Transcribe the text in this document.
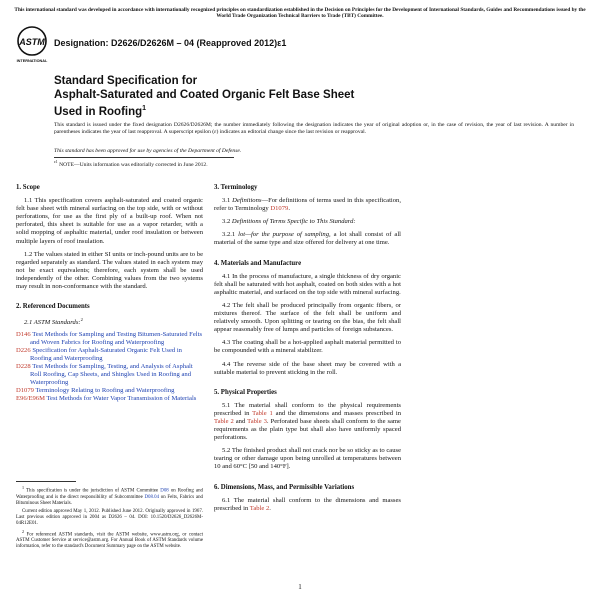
This international standard was developed in accordance with internationally recognized principles on standardization established in the Decision on Principles for the Development of International Standards, Guides and Recommendations issued by the World Trade Organization Technical Barriers to Trade (TBT) Committee.
ASTM
INTERNATIONAL
Designation: D2626/D2626M – 04 (Reapproved 2012)ε1
Standard Specification for
Asphalt-Saturated and Coated Organic Felt Base Sheet
Used in Roofing$^1$
This standard is issued under the fixed designation D2626/D2626M; the number immediately following the designation indicates the year of original adoption or, in the case of revision, the year of last revision. A number in parentheses indicates the year of last reapproval. A superscript epsilon (ε) indicates an editorial change since the last revision or reapproval.
This standard has been approved for use by agencies of the Department of Defense.
$^{\varepsilon 1}$ NOTE—Units information was editorially corrected in June 2012.
1. Scope
1.1 This specification covers asphalt-saturated and coated organic felt base sheet with mineral surfacing on the top side, with or without perforations, for use as the first ply of a built-up roof. When not perforated, this sheet is suitable for use as a vapor retarder, with a solid mopping of asphaltic material, under roof insulation or between multiple layers of roof insulation.
1.2 The values stated in either SI units or inch-pound units are to be regarded separately as standard. The values stated in each system may not be exact equivalents; therefore, each system shall be used independently of the other. Combining values from the two systems may result in non-conformance with the standard.
2. Referenced Documents
2.1 ASTM Standards:$^2$
D146 Test Methods for Sampling and Testing Bitumen-Saturated Felts and Woven Fabrics for Roofing and Waterproofing
D226 Specification for Asphalt-Saturated Organic Felt Used in Roofing and Waterproofing
D228 Test Methods for Sampling, Testing, and Analysis of Asphalt Roll Roofing, Cap Sheets, and Shingles Used in Roofing and Waterproofing
D1079 Terminology Relating to Roofing and Waterproofing
E96/E96M Test Methods for Water Vapor Transmission of Materials
$^1$ This specification is under the jurisdiction of ASTM Committee D08 on Roofing and Waterproofing and is the direct responsibility of Subcommittee D08.04 on Felts, Fabrics and Bituminous Sheet Materials.
Current edition approved May 1, 2012. Published June 2012. Originally approved in 1967. Last previous edition approved in 2004 as D2626 – 04. DOI: 10.1520/D2626_D2626M-04R12E01.
$^2$ For referenced ASTM standards, visit the ASTM website, www.astm.org, or contact ASTM Customer Service at service@astm.org. For Annual Book of ASTM Standards volume information, refer to the standard's Document Summary page on the ASTM website.
3. Terminology
3.1 Definitions—For definitions of terms used in this specification, refer to Terminology D1079.
3.2 Definitions of Terms Specific to This Standard:
3.2.1 lot—for the purpose of sampling, a lot shall consist of all material of the same type and size offered for delivery at one time.
4. Materials and Manufacture
4.1 In the process of manufacture, a single thickness of dry organic felt shall be saturated with hot asphalt, coated on both sides with a hot asphaltic material, and surfaced on the top side with mineral surfacing.
4.2 The felt shall be produced principally from organic fibers, or mixtures thereof. The surface of the felt shall be uniform and relatively smooth. Upon splitting or tearing on the bias, the felt shall appear reasonably free of lumps and particles of foreign substances.
4.3 The coating shall be a hot-applied asphalt material permitted to be compounded with a mineral stabilizer.
4.4 The reverse side of the base sheet may be covered with a suitable material to prevent sticking in the roll.
5. Physical Properties
5.1 The material shall conform to the physical requirements prescribed in Table 1 and the dimensions and masses prescribed in Table 2 and Table 3. Perforated base sheets shall conform to the same requirements as the plain type but shall also have uniformly spaced perforations.
5.2 The finished product shall not crack nor be so sticky as to cause tearing or other damage upon being unrolled at temperatures between 10 and 60°C [50 and 140°F].
6. Dimensions, Mass, and Permissible Variations
6.1 The material shall conform to the dimensions and masses prescribed in Table 2.
1
